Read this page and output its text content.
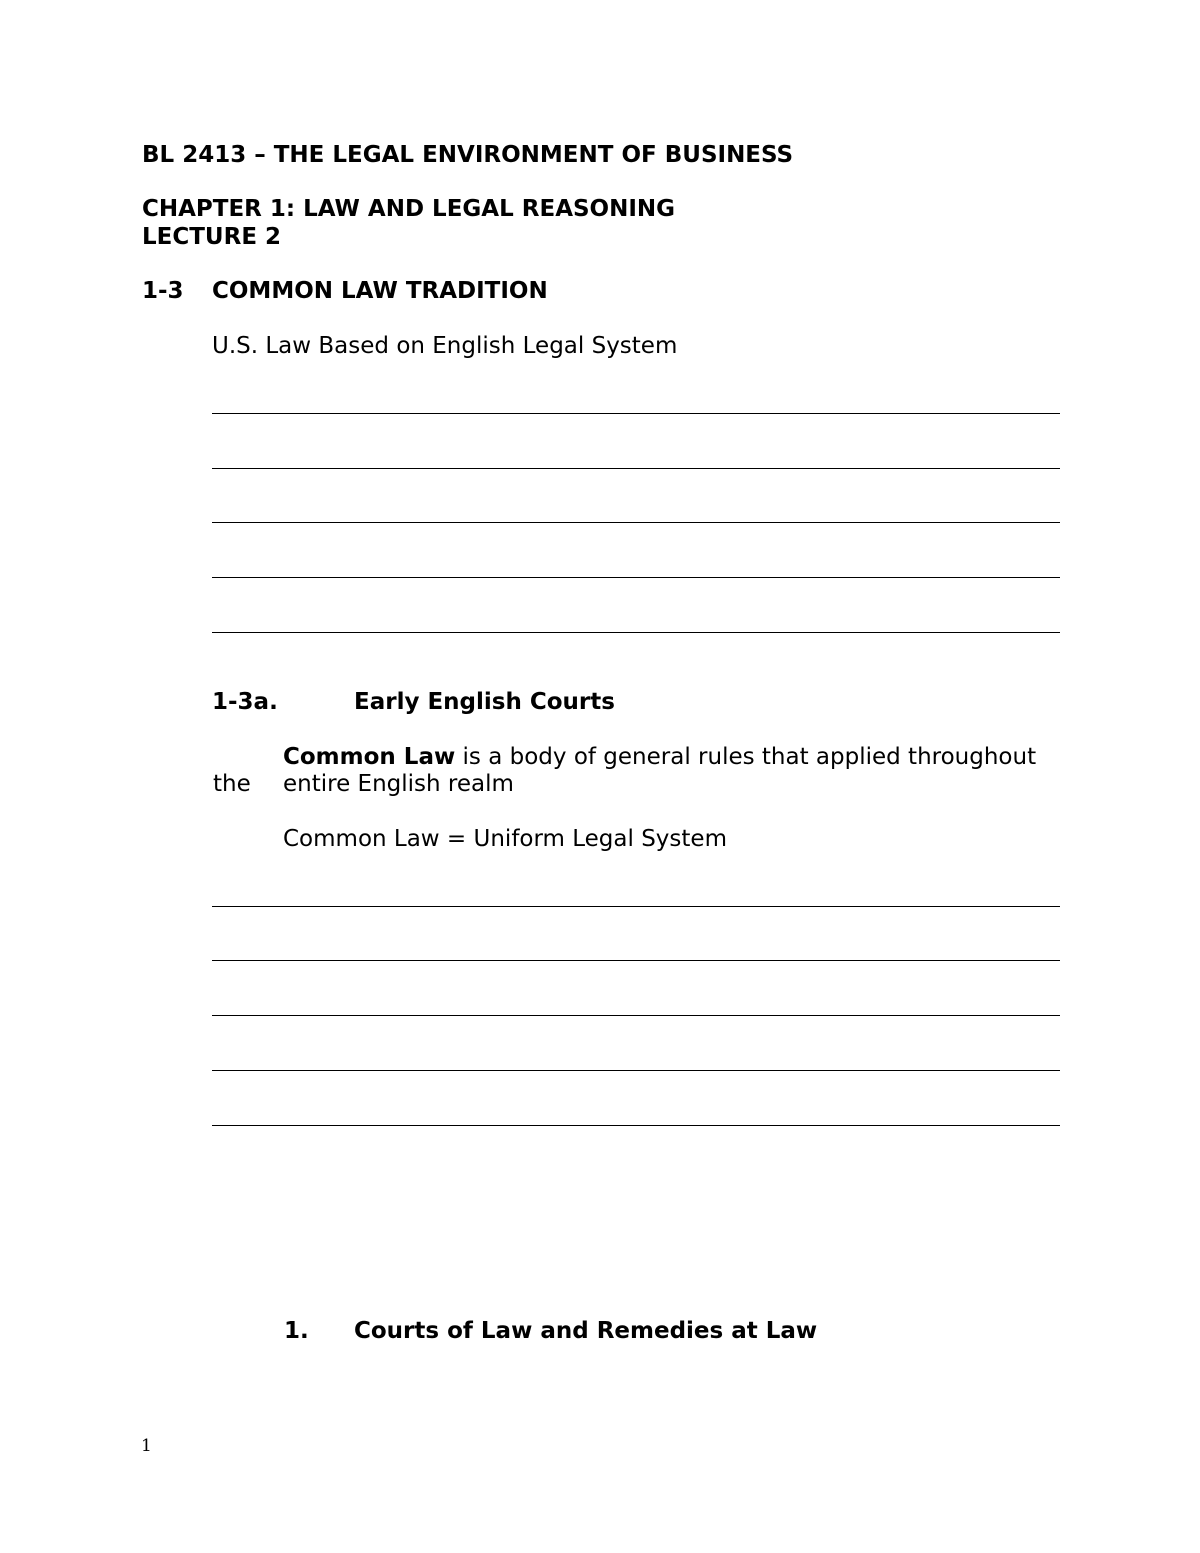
BL 2413 – THE LEGAL ENVIRONMENT OF BUSINESS
CHAPTER 1: LAW AND LEGAL REASONING
LECTURE 2
1-3 COMMON LAW TRADITION
U.S. Law Based on English Legal System
1-3a.	Early English Courts
Common Law is a body of general rules that applied throughout
the entire English realm
Common Law = Uniform Legal System
1. Courts of Law and Remedies at Law
1
